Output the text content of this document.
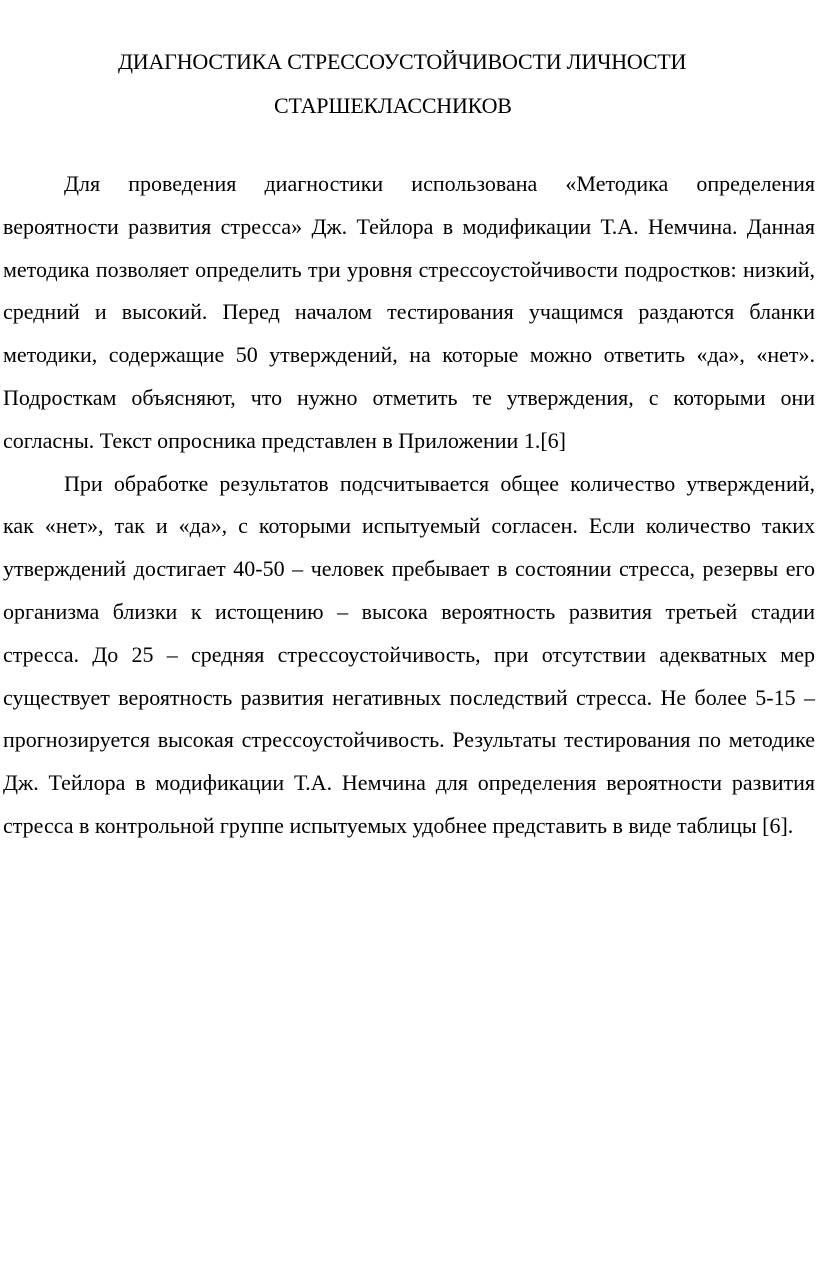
ДИАГНОСТИКА СТРЕССОУСТОЙЧИВОСТИ ЛИЧНОСТИ
СТАРШЕКЛАССНИКОВ

Для проведения диагностики использована «Методика определения вероятности развития стресса» Дж. Тейлора в модификации Т.А. Немчина. Данная методика позволяет определить три уровня стрессоустойчивости подростков: низкий, средний и высокий. Перед началом тестирования учащимся раздаются бланки методики, содержащие 50 утверждений, на которые можно ответить «да», «нет». Подросткам объясняют, что нужно отметить те утверждения, с которыми они согласны. Текст опросника представлен в Приложении 1.[6]

При обработке результатов подсчитывается общее количество утверждений, как «нет», так и «да», с которыми испытуемый согласен. Если количество таких утверждений достигает 40-50 – человек пребывает в состоянии стресса, резервы его организма близки к истощению – высока вероятность развития третьей стадии стресса. До 25 – средняя стрессоустойчивость, при отсутствии адекватных мер существует вероятность развития негативных последствий стресса. Не более 5-15 – прогнозируется высокая стрессоустойчивость. Результаты тестирования по методике Дж. Тейлора в модификации Т.А. Немчина для определения вероятности развития стресса в контрольной группе испытуемых удобнее представить в виде таблицы [6].
